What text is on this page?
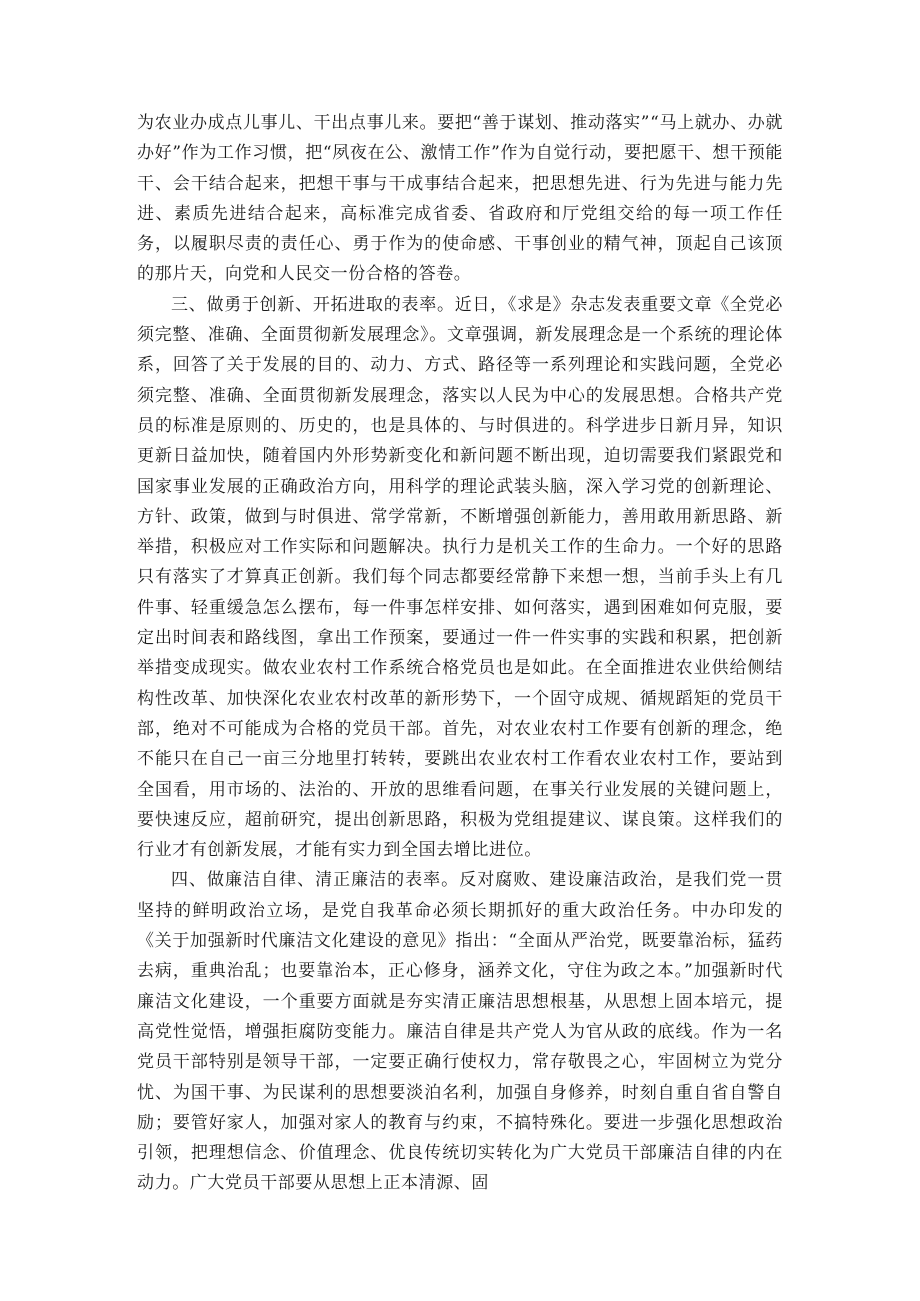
为农业办成点儿事儿、干出点事儿来。要把“善于谋划、推动落实”“马上就办、办就办好”作为工作习惯，把“夙夜在公、激情工作”作为自觉行动，要把愿干、想干预能干、会干结合起来，把想干事与干成事结合起来，把思想先进、行为先进与能力先进、素质先进结合起来，高标准完成省委、省政府和厅党组交给的每一项工作任务，以履职尽责的责任心、勇于作为的使命感、干事创业的精气神，顶起自己该顶的那片天，向党和人民交一份合格的答卷。

三、做勇于创新、开拓进取的表率。近日，《求是》杂志发表重要文章《全党必须完整、准确、全面贯彻新发展理念》。文章强调，新发展理念是一个系统的理论体系，回答了关于发展的目的、动力、方式、路径等一系列理论和实践问题，全党必须完整、准确、全面贯彻新发展理念，落实以人民为中心的发展思想。合格共产党员的标准是原则的、历史的，也是具体的、与时俱进的。科学进步日新月异，知识更新日益加快，随着国内外形势新变化和新问题不断出现，迫切需要我们紧跟党和国家事业发展的正确政治方向，用科学的理论武装头脑，深入学习党的创新理论、方针、政策，做到与时俱进、常学常新，不断增强创新能力，善用敢用新思路、新举措，积极应对工作实际和问题解决。执行力是机关工作的生命力。一个好的思路只有落实了才算真正创新。我们每个同志都要经常静下来想一想，当前手头上有几件事、轻重缓急怎么摆布，每一件事怎样安排、如何落实，遇到困难如何克服，要定出时间表和路线图，拿出工作预案，要通过一件一件实事的实践和积累，把创新举措变成现实。做农业农村工作系统合格党员也是如此。在全面推进农业供给侧结构性改革、加快深化农业农村改革的新形势下，一个固守成规、循规蹈矩的党员干部，绝对不可能成为合格的党员干部。首先，对农业农村工作要有创新的理念，绝不能只在自己一亩三分地里打转转，要跳出农业农村工作看农业农村工作，要站到全国看，用市场的、法治的、开放的思维看问题，在事关行业发展的关键问题上，要快速反应，超前研究，提出创新思路，积极为党组提建议、谋良策。这样我们的行业才有创新发展，才能有实力到全国去增比进位。

四、做廉洁自律、清正廉洁的表率。反对腐败、建设廉洁政治，是我们党一贯坚持的鲜明政治立场，是党自我革命必须长期抓好的重大政治任务。中办印发的《关于加强新时代廉洁文化建设的意见》指出：“全面从严治党，既要靠治标，猛药去病，重典治乱；也要靠治本，正心修身，涵养文化，守住为政之本。”加强新时代廉洁文化建设，一个重要方面就是夯实清正廉洁思想根基，从思想上固本培元，提高党性觉悟，增强拒腐防变能力。廉洁自律是共产党人为官从政的底线。作为一名党员干部特别是领导干部，一定要正确行使权力，常存敬畏之心，牢固树立为党分忧、为国干事、为民谋利的思想要淡泊名利，加强自身修养，时刻自重自省自警自励；要管好家人，加强对家人的教育与约束，不搞特殊化。要进一步强化思想政治引领，把理想信念、价值理念、优良传统切实转化为广大党员干部廉洁自律的内在动力。广大党员干部要从思想上正本清源、固
